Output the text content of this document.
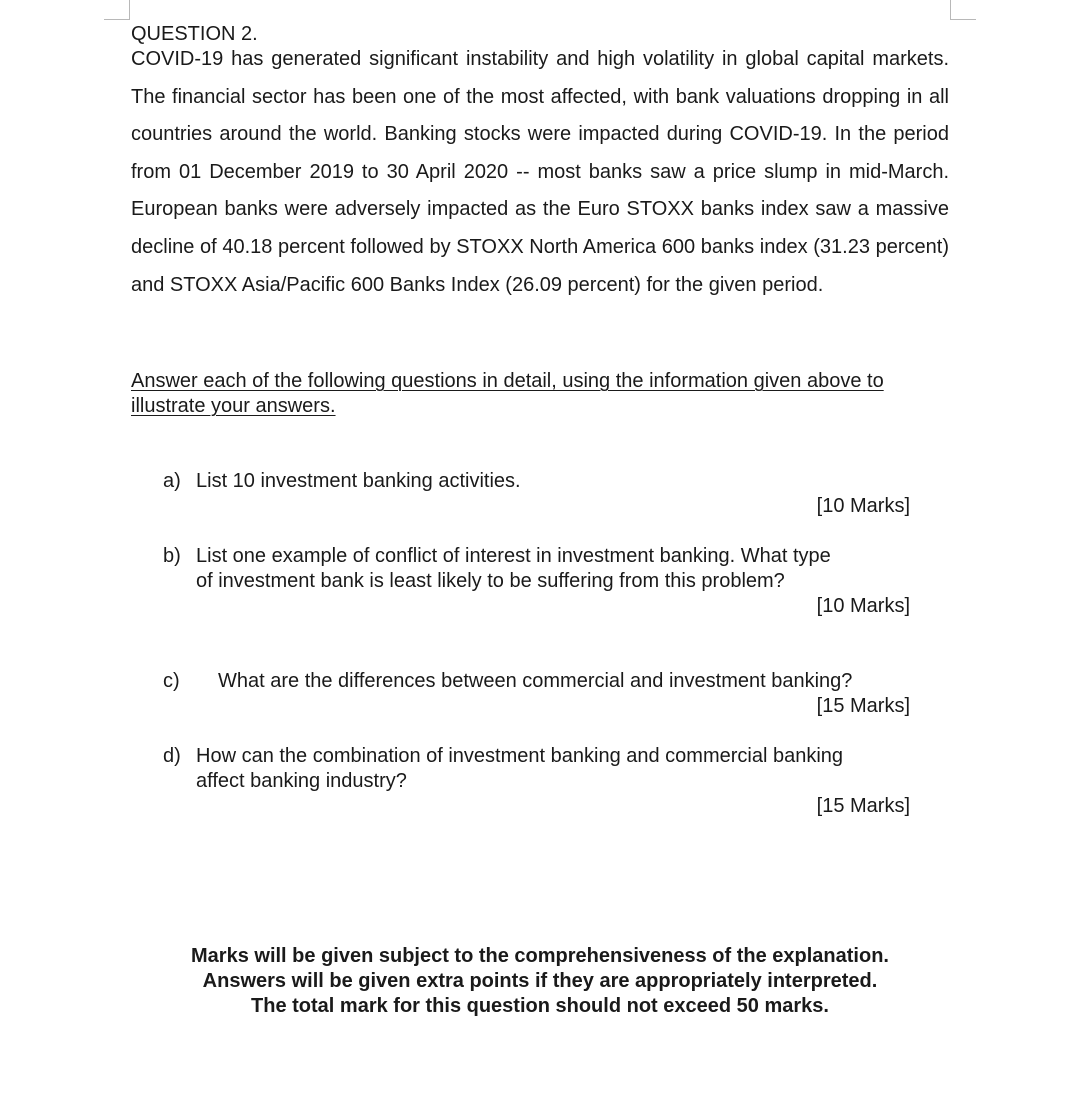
QUESTION 2.

COVID-19 has generated significant instability and high volatility in global capital markets. The financial sector has been one of the most affected, with bank valuations dropping in all countries around the world. Banking stocks were impacted during COVID-19. In the period from 01 December 2019 to 30 April 2020 -- most banks saw a price slump in mid-March. European banks were adversely impacted as the Euro STOXX banks index saw a massive decline of 40.18 percent followed by STOXX North America 600 banks index (31.23 percent) and STOXX Asia/Pacific 600 Banks Index (26.09 percent) for the given period.

Answer each of the following questions in detail, using the information given above to illustrate your answers.

a) List 10 investment banking activities.
[10 Marks]
b) List one example of conflict of interest in investment banking. What type
of investment bank is least likely to be suffering from this problem?
[10 Marks]
c) What are the differences between commercial and investment banking?
[15 Marks]
d) How can the combination of investment banking and commercial banking
affect banking industry?
[15 Marks]
Marks will be given subject to the comprehensiveness of the explanation.
Answers will be given extra points if they are appropriately interpreted.
The total mark for this question should not exceed 50 marks.
